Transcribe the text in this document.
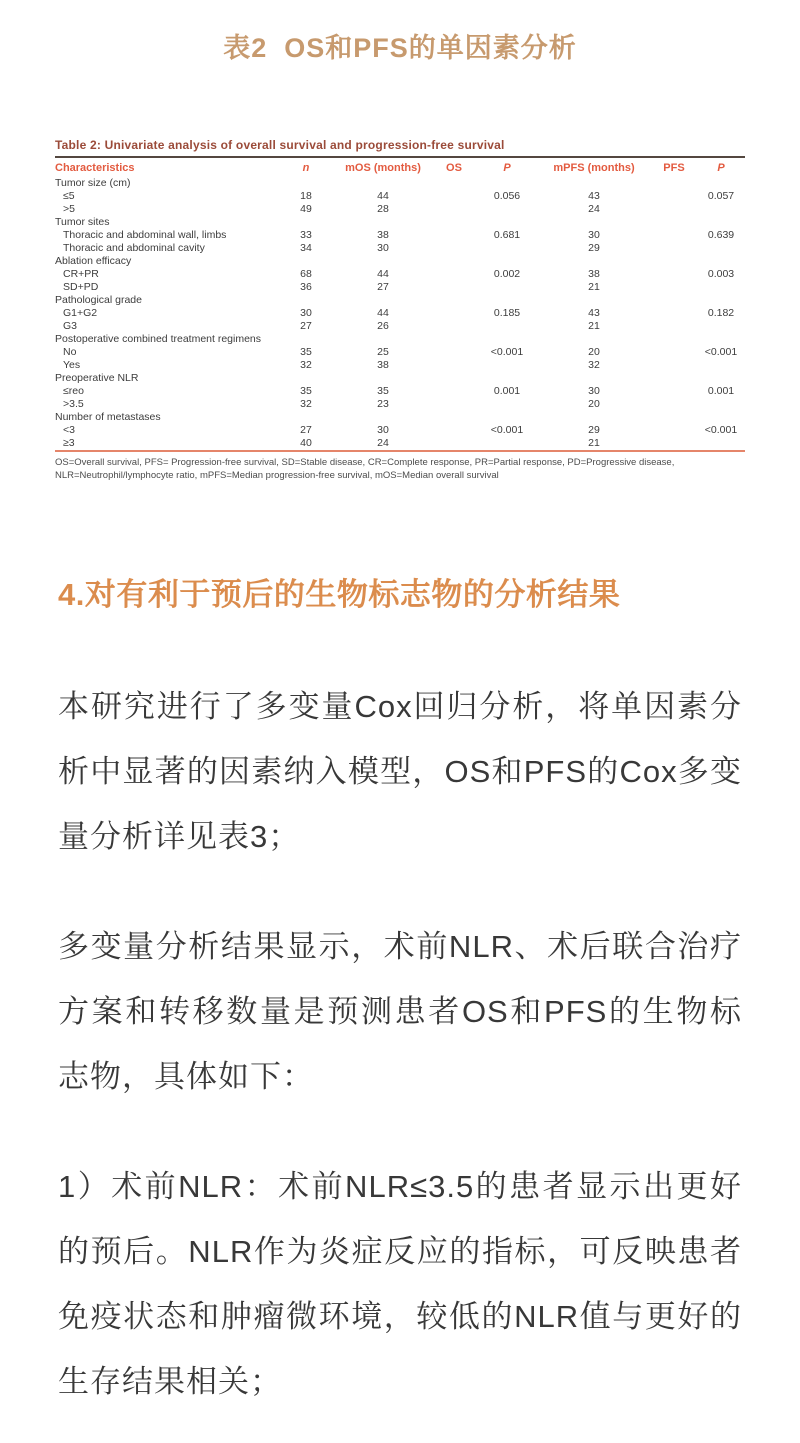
表2  OS和PFS的单因素分析
Table 2: Univariate analysis of overall survival and progression-free survival
Characteristics	n	mOS (months)	OS	P	mPFS (months)	PFS	P
Tumor size (cm)							
≤5	18	44		0.056	43		0.057
>5	49	28			24		
Tumor sites							
Thoracic and abdominal wall, limbs	33	38		0.681	30		0.639
Thoracic and abdominal cavity	34	30			29		
Ablation efficacy							
CR+PR	68	44		0.002	38		0.003
SD+PD	36	27			21		
Pathological grade							
G1+G2	30	44		0.185	43		0.182
G3	27	26			21		
Postoperative combined treatment regimens							
No	35	25		<0.001	20		<0.001
Yes	32	38			32		
Preoperative NLR							
≤reo	35	35		0.001	30		0.001
>3.5	32	23			20		
Number of metastases							
<3	27	30		<0.001	29		<0.001
≥3	40	24			21		
OS=Overall survival, PFS= Progression-free survival, SD=Stable disease, CR=Complete response, PR=Partial response, PD=Progressive disease, NLR=Neutrophil/lymphocyte ratio, mPFS=Median progression-free survival, mOS=Median overall survival
4.对有利于预后的生物标志物的分析结果

本研究进行了多变量Cox回归分析，将单因素分析中显著的因素纳入模型，OS和PFS的Cox多变量分析详见表3；

多变量分析结果显示，术前NLR、术后联合治疗方案和转移数量是预测患者OS和PFS的生物标志物，具体如下：

1）术前NLR：术前NLR≤3.5的患者显示出更好的预后。NLR作为炎症反应的指标，可反映患者免疫状态和肿瘤微环境，较低的NLR值与更好的生存结果相关；
